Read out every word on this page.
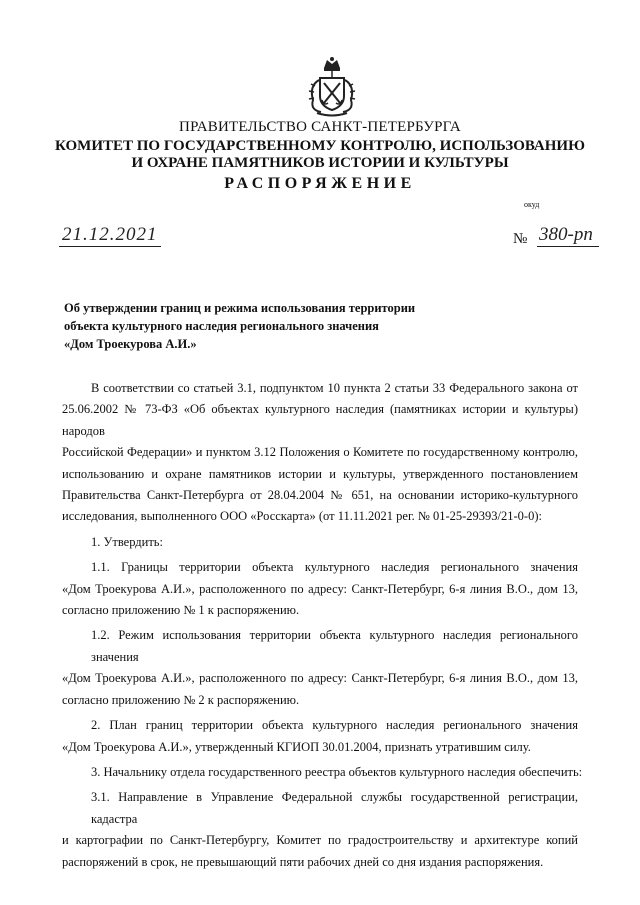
ПРАВИТЕЛЬСТВО САНКТ-ПЕТЕРБУРГА
КОМИТЕТ ПО ГОСУДАРСТВЕННОМУ КОНТРОЛЮ, ИСПОЛЬЗОВАНИЮ
И ОХРАНЕ ПАМЯТНИКОВ ИСТОРИИ И КУЛЬТУРЫ
РАСПОРЯЖЕНИЕ
окуд
21.12.2021	№ 380-рп
Об утверждении границ и режима использования территории
объекта культурного наследия регионального значения
«Дом Троекурова А.И.»
В соответствии со статьей 3.1, подпунктом 10 пункта 2 статьи 33 Федерального закона от
25.06.2002 № 73-ФЗ «Об объектах культурного наследия (памятниках истории и культуры) народов
Российской Федерации» и пунктом 3.12 Положения о Комитете по государственному контролю,
использованию и охране памятников истории и культуры, утвержденного постановлением
Правительства Санкт-Петербурга от 28.04.2004 № 651, на основании историко-культурного
исследования, выполненного ООО «Росскарта» (от 11.11.2021 рег. № 01-25-29393/21-0-0):
1. Утвердить:
1.1. Границы территории объекта культурного наследия регионального значения
«Дом Троекурова А.И.», расположенного по адресу: Санкт-Петербург, 6-я линия В.О., дом 13,
согласно приложению № 1 к распоряжению.
1.2. Режим использования территории объекта культурного наследия регионального значения
«Дом Троекурова А.И.», расположенного по адресу: Санкт-Петербург, 6-я линия В.О., дом 13,
согласно приложению № 2 к распоряжению.
2. План границ территории объекта культурного наследия регионального значения
«Дом Троекурова А.И.», утвержденный КГИОП 30.01.2004, признать утратившим силу.
3. Начальнику отдела государственного реестра объектов культурного наследия обеспечить:
3.1. Направление в Управление Федеральной службы государственной регистрации, кадастра
и картографии по Санкт-Петербургу, Комитет по градостроительству и архитектуре копий
распоряжений в срок, не превышающий пяти рабочих дней со дня издания распоряжения.
